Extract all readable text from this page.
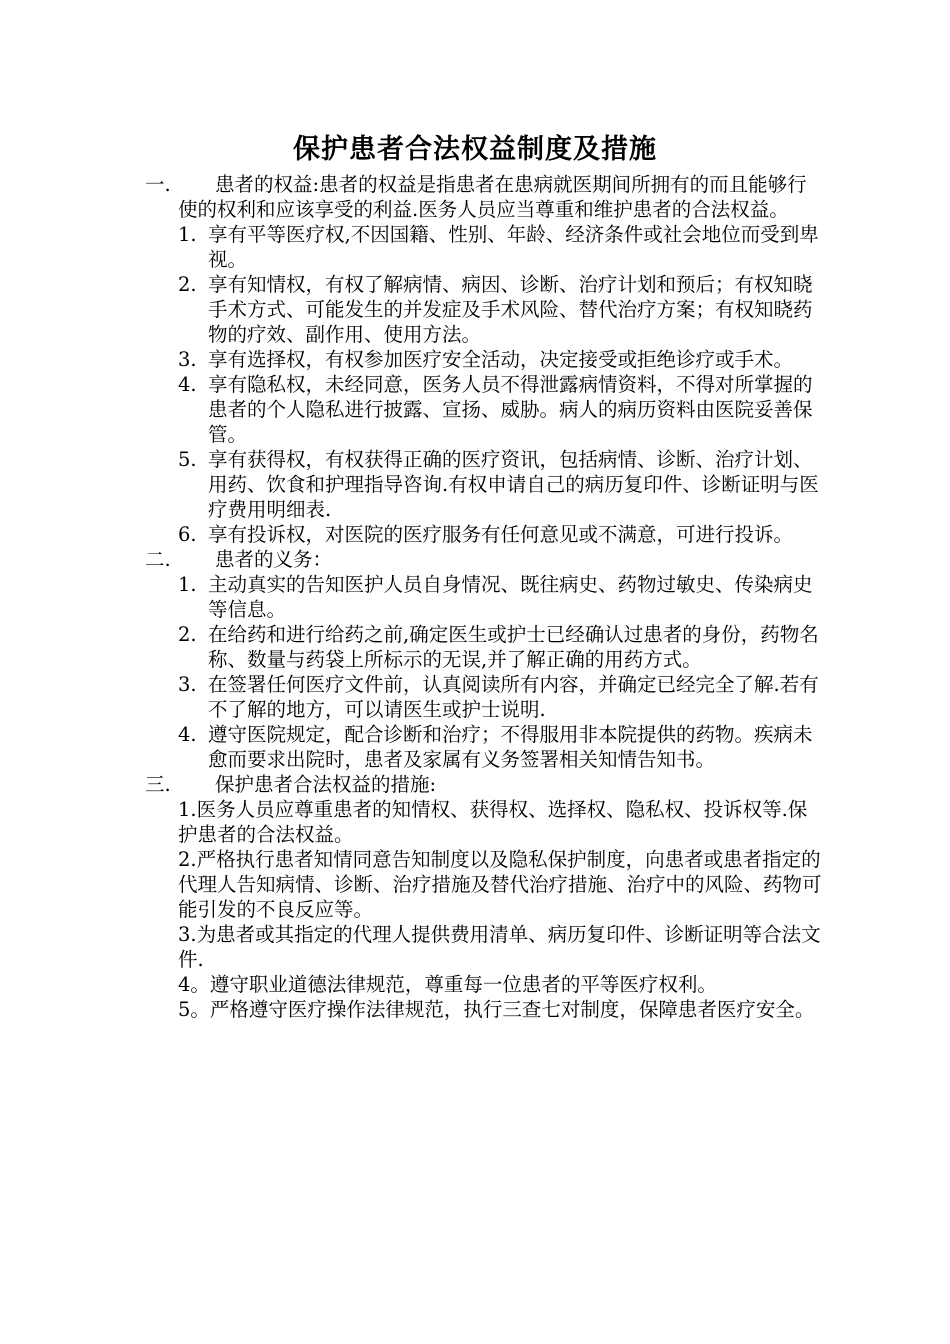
保护患者合法权益制度及措施
一.	患者的权益:患者的权益是指患者在患病就医期间所拥有的而且能够行使的权利和应该享受的利益.医务人员应当尊重和维护患者的合法权益。
1. 享有平等医疗权,不因国籍、性别、年龄、经济条件或社会地位而受到卑视。
2. 享有知情权，有权了解病情、病因、诊断、治疗计划和预后；有权知晓手术方式、可能发生的并发症及手术风险、替代治疗方案；有权知晓药物的疗效、副作用、使用方法。
3. 享有选择权，有权参加医疗安全活动，决定接受或拒绝诊疗或手术。
4. 享有隐私权，未经同意，医务人员不得泄露病情资料，不得对所掌握的患者的个人隐私进行披露、宣扬、威胁。病人的病历资料由医院妥善保管。
5. 享有获得权，有权获得正确的医疗资讯，包括病情、诊断、治疗计划、用药、饮食和护理指导咨询.有权申请自己的病历复印件、诊断证明与医疗费用明细表.
6. 享有投诉权，对医院的医疗服务有任何意见或不满意，可进行投诉。
二.	患者的义务：
1. 主动真实的告知医护人员自身情况、既往病史、药物过敏史、传染病史等信息。
2. 在给药和进行给药之前,确定医生或护士已经确认过患者的身份，药物名称、数量与药袋上所标示的无误,并了解正确的用药方式。
3. 在签署任何医疗文件前，认真阅读所有内容，并确定已经完全了解.若有不了解的地方，可以请医生或护士说明.
4. 遵守医院规定，配合诊断和治疗；不得服用非本院提供的药物。疾病未愈而要求出院时，患者及家属有义务签署相关知情告知书。
三.	保护患者合法权益的措施:
1.医务人员应尊重患者的知情权、获得权、选择权、隐私权、投诉权等.保护患者的合法权益。
2.严格执行患者知情同意告知制度以及隐私保护制度，向患者或患者指定的代理人告知病情、诊断、治疗措施及替代治疗措施、治疗中的风险、药物可能引发的不良反应等。
3.为患者或其指定的代理人提供费用清单、病历复印件、诊断证明等合法文件.
4。遵守职业道德法律规范，尊重每一位患者的平等医疗权利。
5。严格遵守医疗操作法律规范，执行三查七对制度，保障患者医疗安全。
